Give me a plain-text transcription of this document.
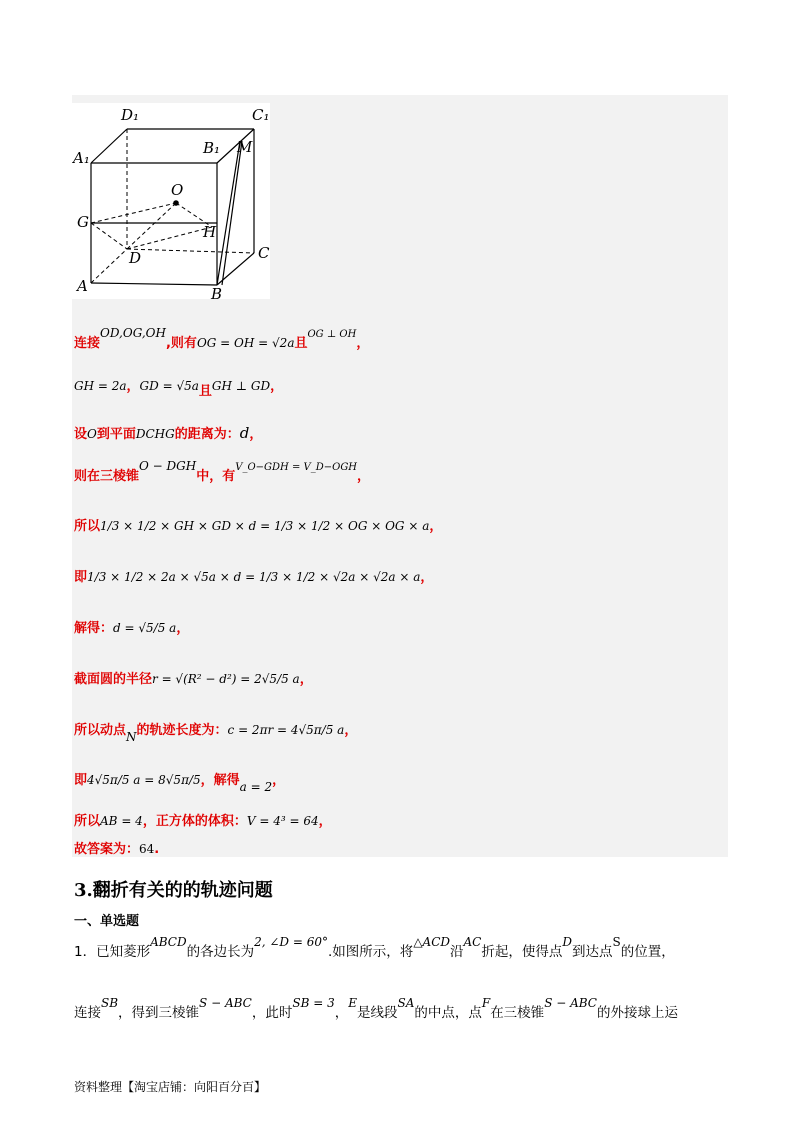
D₁	C₁
A₁
B₁ M
O
G
H
D	C
A	B
连接OD,OG,OH,则有OG = OH = √2a且$^{OG \perp OH}$，
GH = 2a，GD = √5a且GH ⊥ GD，
设O到平面DCHG的距离为：d，
则在三棱锥O − DGH中，有$^{V\_O-GDH = V\_D-OGH}$，
所以1/3 × 1/2 × GH × GD × d = 1/3 × 1/2 × OG × OG × a，
即1/3 × 1/2 × 2a × √5a × d = 1/3 × 1/2 × √2a × √2a × a，
解得：d = √5/5 a，
截面圆的半径r = √(R² − d²) = 2√5/5 a，
所以动点N的轨迹长度为：c = 2πr = 4√5π/5 a，
即4√5π/5 a = 8√5π/5，解得a = 2，
所以AB = 4，正方体的体积：V = 4³ = 64，
故答案为：64.
3.翻折有关的的轨迹问题
一、单选题
1．已知菱形ABCD的各边长为2, ∠D = 60°.如图所示，将△ACD沿AC折起，使得点D到达点S的位置，
连接SB，得到三棱锥S − ABC，此时SB = 3，E是线段SA的中点，点F在三棱锥S − ABC的外接球上运
资料整理【淘宝店铺：向阳百分百】
